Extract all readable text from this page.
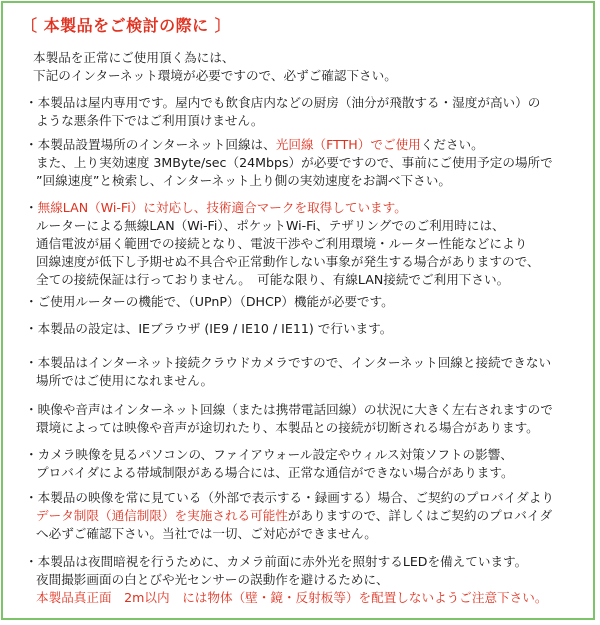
〔 本製品をご検討の際に 〕
本製品を正常にご使用頂く為には、
下記のインターネット環境が必要ですので、必ずご確認下さい。
・本製品は屋内専用です。屋内でも飲食店内などの厨房（油分が飛散する・湿度が高い）の
ような悪条件下ではご利用頂けません。
・本製品設置場所のインターネット回線は、光回線（FTTH）でご使用ください。
また、上り実効速度 3MByte/sec（24Mbps）が必要ですので、事前にご使用予定の場所で
”回線速度”と検索し、インターネット上り側の実効速度をお調べ下さい。
・無線LAN（Wi-Fi）に対応し、技術適合マークを取得しています。
ルーターによる無線LAN（Wi-Fi）、ポケットWi-Fi、テザリングでのご利用時には、
通信電波が届く範囲での接続となり、電波干渉やご利用環境・ルーター性能などにより
回線速度が低下し予期せぬ不具合や正常動作しない事象が発生する場合がありますので、
全ての接続保証は行っておりません。　可能な限り、有線LAN接続でご利用下さい。
・ご使用ルーターの機能で、（UPnP）（DHCP）機能が必要です。
・本製品の設定は、IEブラウザ (IE9 / IE10 / IE11) で行います。
・本製品はインターネット接続クラウドカメラですので、インターネット回線と接続できない
場所ではご使用になれません。
・映像や音声はインターネット回線（または携帯電話回線）の状況に大きく左右されますので
環境によっては映像や音声が途切れたり、本製品との接続が切断される場合があります。
・カメラ映像を見るパソコンの、ファイアウォール設定やウィルス対策ソフトの影響、
プロバイダによる帯域制限がある場合には、正常な通信ができない場合があります。
・本製品の映像を常に見ている（外部で表示する・録画する）場合、ご契約のプロバイダより
データ制限（通信制限）を実施される可能性がありますので、詳しくはご契約のプロバイダ
へ必ずご確認下さい。当社では一切、ご対応ができません。
・本製品は夜間暗視を行うために、カメラ前面に赤外光を照射するLEDを備えています。
夜間撮影画面の白とびや光センサーの誤動作を避けるために、
本製品真正面　2m以内　には物体（壁・鏡・反射板等）を配置しないようご注意下さい。
